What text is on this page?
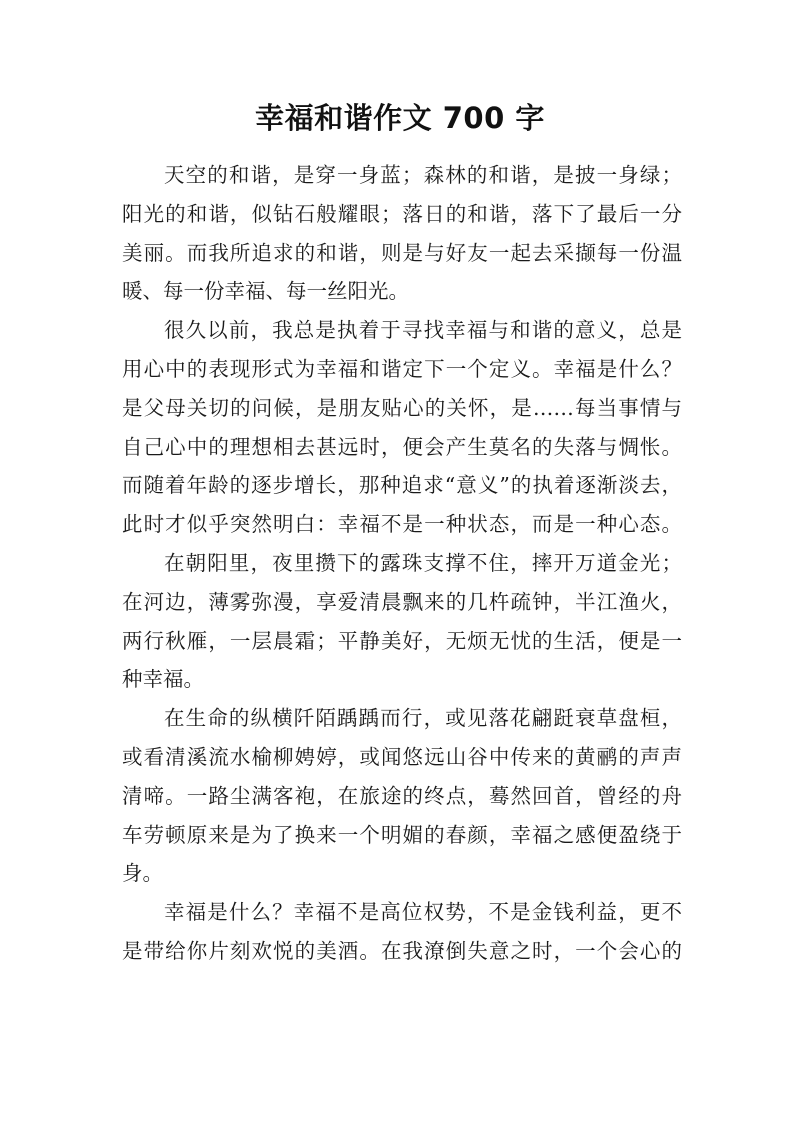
幸福和谐作文 700 字
天空的和谐，是穿一身蓝；森林的和谐，是披一身绿；
阳光的和谐，似钻石般耀眼；落日的和谐，落下了最后一分
美丽。而我所追求的和谐，则是与好友一起去采撷每一份温
暖、每一份幸福、每一丝阳光。
很久以前，我总是执着于寻找幸福与和谐的意义，总是
用心中的表现形式为幸福和谐定下一个定义。幸福是什么？
是父母关切的问候，是朋友贴心的关怀，是……每当事情与
自己心中的理想相去甚远时，便会产生莫名的失落与惆怅。
而随着年龄的逐步增长，那种追求“意义”的执着逐渐淡去，
此时才似乎突然明白：幸福不是一种状态，而是一种心态。
在朝阳里，夜里攒下的露珠支撑不住，摔开万道金光；
在河边，薄雾弥漫，享爱清晨飘来的几杵疏钟，半江渔火，
两行秋雁，一层晨霜；平静美好，无烦无忧的生活，便是一
种幸福。
在生命的纵横阡陌踽踽而行，或见落花翩跹衰草盘桓，
或看清溪流水榆柳娉婷，或闻悠远山谷中传来的黄鹂的声声
清啼。一路尘满客袍，在旅途的终点，蓦然回首，曾经的舟
车劳顿原来是为了换来一个明媚的春颜，幸福之感便盈绕于
身。
幸福是什么？幸福不是高位权势，不是金钱利益，更不
是带给你片刻欢悦的美酒。在我潦倒失意之时，一个会心的
